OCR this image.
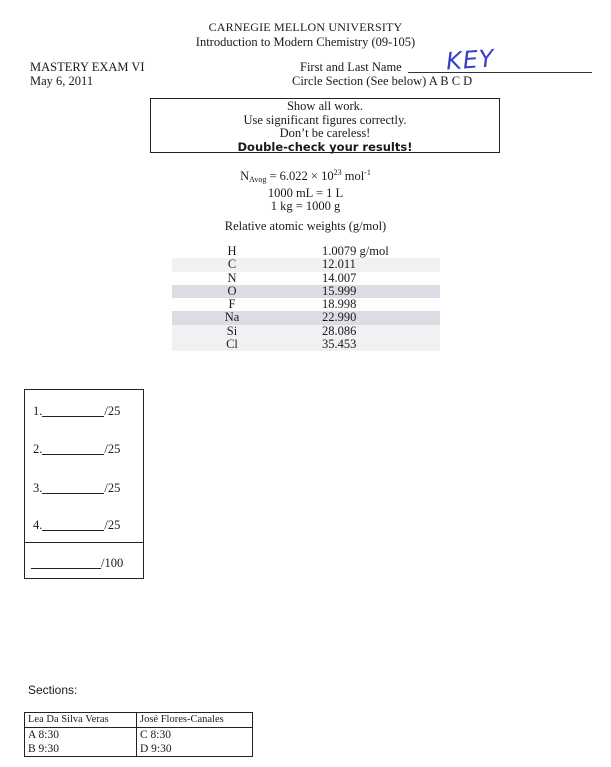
CARNEGIE MELLON UNIVERSITY
Introduction to Modern Chemistry (09-105)
MASTERY EXAM VI
May 6, 2011
First and Last Name KEY
Circle Section (See below) A B C D
Show all work.
Use significant figures correctly.
Don’t be careless!
Double-check your results!
$N_{Avog} = 6.022 \times 10^{23}$ mol$^{-1}$
1000 mL = 1 L
1 kg = 1000 g
Relative atomic weights (g/mol)
H	1.0079 g/mol
C	12.011
N	14.007
O	15.999
F	18.998
Na	22.990
Si	28.086
Cl	35.453
1.	/25
2.	/25
3.	/25
4.	/25
/100
Sections:
Lea Da Silva Veras	José Flores-Canales
A 8:30	C 8:30
B 9:30	D 9:30
